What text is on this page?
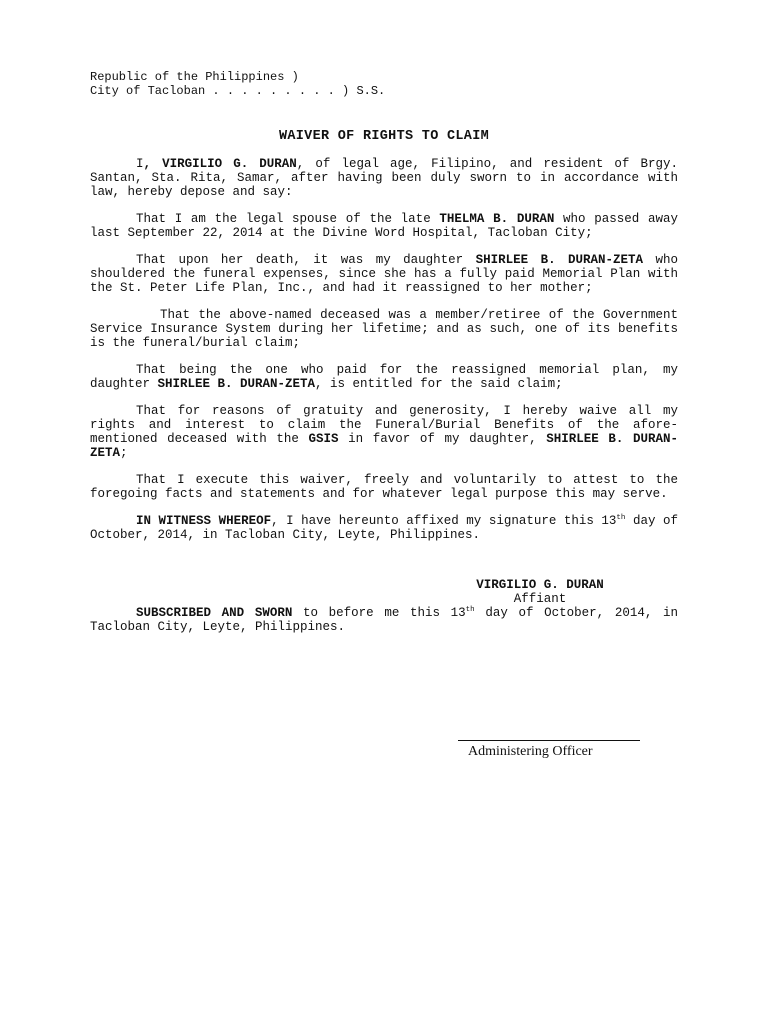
Republic of the Philippines )

City of Tacloban . . . . . . . . . ) S.S.

WAIVER OF RIGHTS TO CLAIM

I, VIRGILIO G. DURAN, of legal age, Filipino, and resident of Brgy. Santan, Sta. Rita, Samar, after having been duly sworn to in accordance with law, hereby depose and say:

That I am the legal spouse of the late THELMA B. DURAN who passed away last September 22, 2014 at the Divine Word Hospital, Tacloban City;

That upon her death, it was my daughter SHIRLEE B. DURAN-ZETA who shouldered the funeral expenses, since she has a fully paid Memorial Plan with the St. Peter Life Plan, Inc., and had it reassigned to her mother;

That the above-named deceased was a member/retiree of the Government Service Insurance System during her lifetime; and as such, one of its benefits is the funeral/burial claim;

That being the one who paid for the reassigned memorial plan, my daughter SHIRLEE B. DURAN-ZETA, is entitled for the said claim;

That for reasons of gratuity and generosity, I hereby waive all my rights and interest to claim the Funeral/Burial Benefits of the afore-mentioned deceased with the GSIS in favor of my daughter, SHIRLEE B. DURAN-ZETA;

That I execute this waiver, freely and voluntarily to attest to the foregoing facts and statements and for whatever legal purpose this may serve.

IN WITNESS WHEREOF, I have hereunto affixed my signature this 13th day of October, 2014, in Tacloban City, Leyte, Philippines.

VIRGILIO G. DURAN
Affiant

SUBSCRIBED AND SWORN to before me this 13th day of October, 2014, in Tacloban City, Leyte, Philippines.

Administering Officer
